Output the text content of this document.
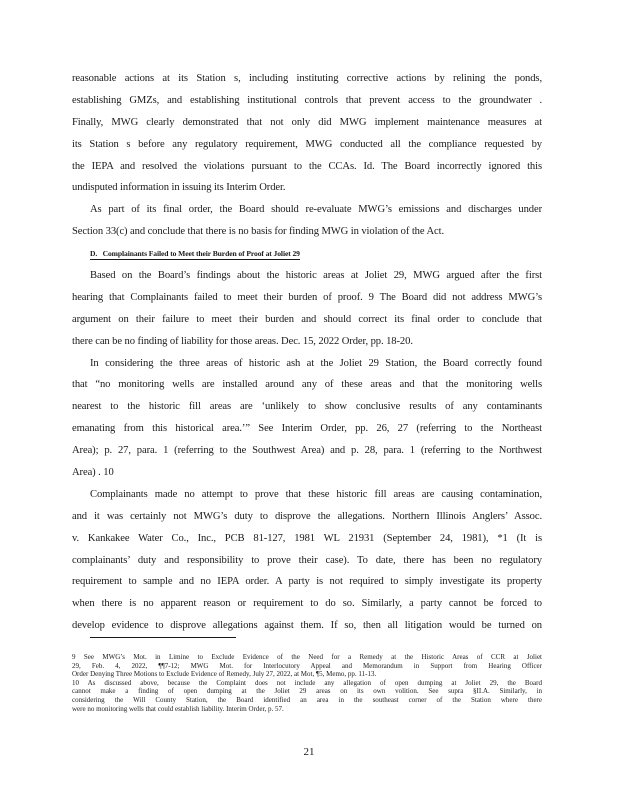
reasonable actions at its Station s, including instituting corrective actions by relining the ponds,
establishing GMZs, and establishing institutional controls that prevent access to the groundwater .
Finally, MWG clearly demonstrated that not only did MWG implement maintenance measures at
its Station s before any regulatory requirement, MWG conducted all the compliance requested by
the IEPA and resolved the violations pursuant to the CCAs. Id. The Board incorrectly ignored this
undisputed information in issuing its Interim Order.
As part of its final order, the Board should re-evaluate MWG’s emissions and discharges under
Section 33(c) and conclude that there is no basis for finding MWG in violation of the Act.
D.   Complainants Failed to Meet their Burden of Proof at Joliet 29
Based on the Board’s findings about the historic areas at Joliet 29, MWG argued after the first
hearing that Complainants failed to meet their burden of proof. 9 The Board did not address MWG’s
argument on their failure to meet their burden and should correct its final order to conclude that
there can be no finding of liability for those areas. Dec. 15, 2022 Order, pp. 18-20.
In considering the three areas of historic ash at the Joliet 29 Station, the Board correctly found
that “no monitoring wells are installed around any of these areas and that the monitoring wells
nearest to the historic fill areas are ‘unlikely to show conclusive results of any contaminants
emanating from this historical area.’” See Interim Order, pp. 26, 27 (referring to the Northeast
Area); p. 27, para. 1 (referring to the Southwest Area) and p. 28, para. 1 (referring to the Northwest
Area) . 10
Complainants made no attempt to prove that these historic fill areas are causing contamination,
and it was certainly not MWG’s duty to disprove the allegations. Northern Illinois Anglers’ Assoc.
v. Kankakee Water Co., Inc., PCB 81-127, 1981 WL 21931 (September 24, 1981), *1 (It is
complainants’ duty and responsibility to prove their case). To date, there has been no regulatory
requirement to sample and no IEPA order. A party is not required to simply investigate its property
when there is no apparent reason or requirement to do so. Similarly, a party cannot be forced to
develop evidence to disprove allegations against them. If so, then all litigation would be turned on
9 See MWG’s Mot. in Limine to Exclude Evidence of the Need for a Remedy at the Historic Areas of CCR at Joliet
29, Feb. 4, 2022, ¶¶7-12; MWG Mot. for Interlocutory Appeal and Memorandum in Support from Hearing Officer
Order Denying Three Motions to Exclude Evidence of Remedy, July 27, 2022, at Mot, ¶5, Memo, pp. 11-13.
10 As discussed above, because the Complaint does not include any allegation of open dumping at Joliet 29, the Board
cannot make a finding of open dumping at the Joliet 29 areas on its own volition. See supra §II.A. Similarly, in
considering the Will County Station, the Board identified an area in the southeast corner of the Station where there
were no monitoring wells that could establish liability. Interim Order, p. 57.
21
